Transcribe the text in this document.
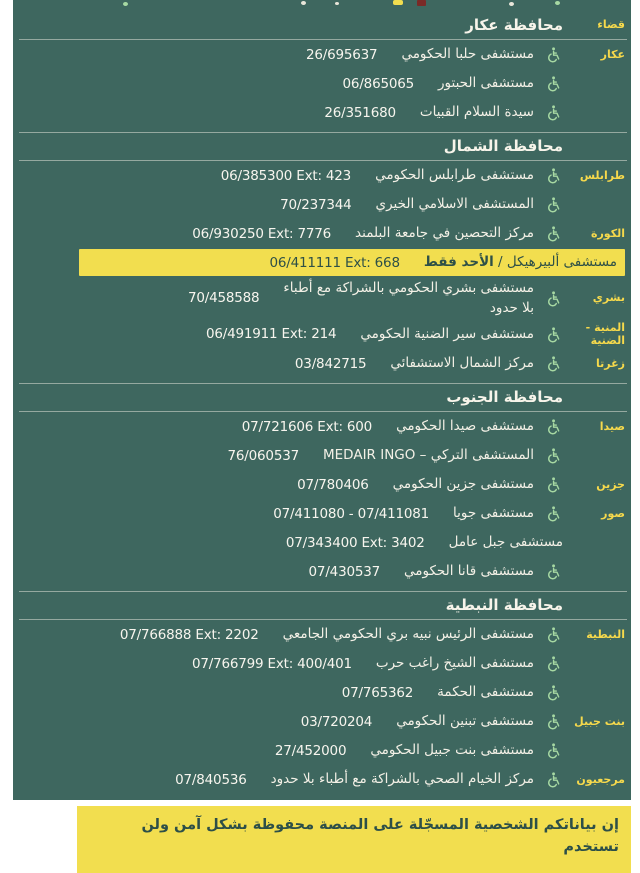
قضاء
محافظة عكار
عكار
مستشفى حلبا الحكومي
26/695637
مستشفى الحبتور
06/865065
سيدة السلام القبيات
26/351680
محافظة الشمال
طرابلس
مستشفى طرابلس الحكومي
06/385300 Ext: 423
المستشفى الاسلامي الخيري
70/237344
الكورة
مركز التحصين في جامعة البلمند
06/930250 Ext: 7776
مستشفى ألبيرهيكل / الأحد فقط
06/411111 Ext: 668
بشري
مستشفى بشري الحكومي بالشراكة مع أطباء
بلا حدود
70/458588
المنية -
الضنية
مستشفى سير الضنية الحكومي
06/491911 Ext: 214
زغرتا
مركز الشمال الاستشفائي
03/842715
محافظة الجنوب
صيدا
مستشفى صيدا الحكومي
07/721606 Ext: 600
المستشفى التركي – MEDAIR INGO
76/060537
جزين
مستشفى جزين الحكومي
07/780406
صور
مستشفى جويا
07/411080 - 07/411081
مستشفى جبل عامل
07/343400 Ext: 3402
مستشفى قانا الحكومي
07/430537
محافظة النبطية
النبطية
مستشفى الرئيس نبيه بري الحكومي الجامعي
07/766888 Ext: 2202
مستشفى الشيخ راغب حرب
07/766799 Ext: 400/401
مستشفى الحكمة
07/765362
بنت جبيل
مستشفى تبنين الحكومي
03/720204
مستشفى بنت جبيل الحكومي
27/452000
مرجعيون
مركز الخيام الصحي بالشراكة مع أطباء بلا حدود
07/840536
إن بياناتكم الشخصية المسجّلة على المنصة محفوظة بشكل آمن ولن تستخدم
